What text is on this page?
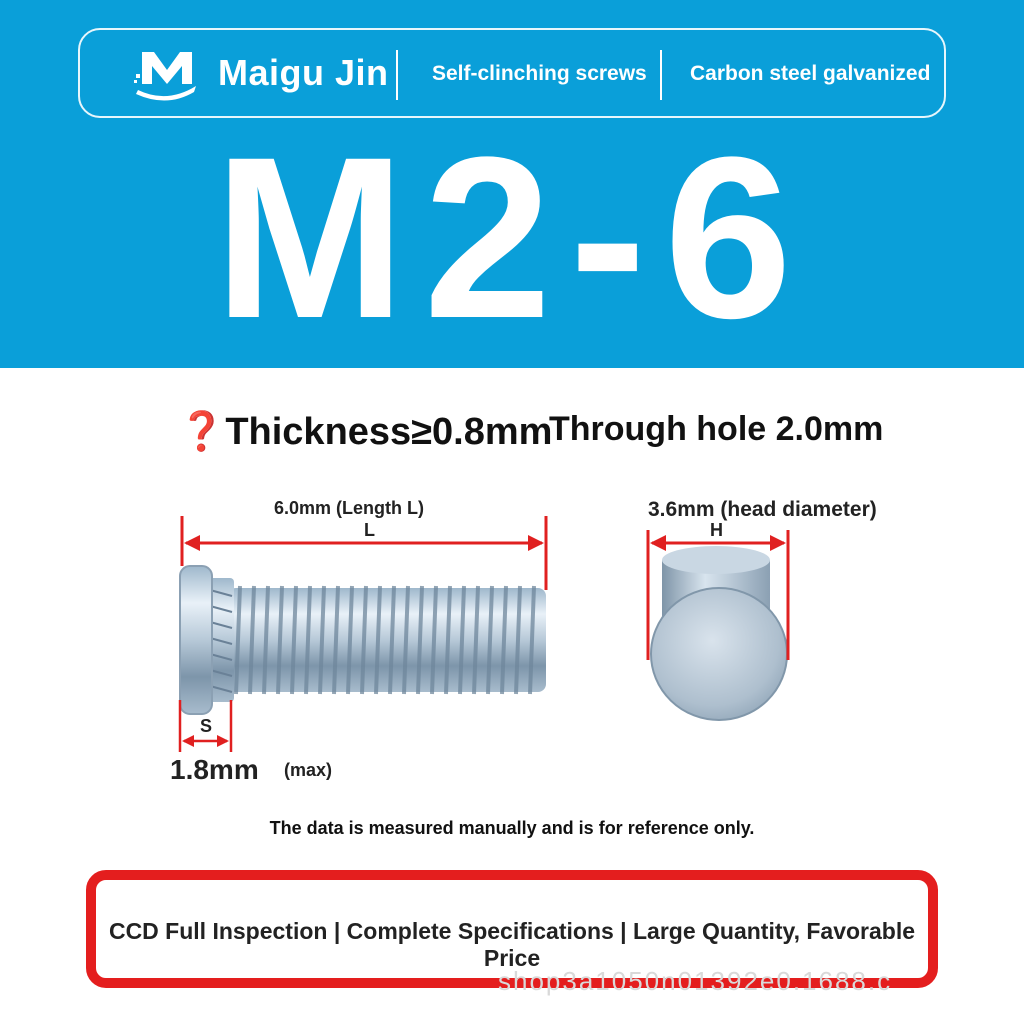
Maigu Jin Self-clinching screws Carbon steel galvanized
M2-6
❓Thickness≥0.8mm
Through hole 2.0mm
6.0mm (Length L)
L
3.6mm (head diameter)
H
S
1.8mm (max)
The data is measured manually and is for reference only.
CCD Full Inspection | Complete Specifications | Large Quantity, Favorable Price
shop3a1050n01392e0.1688.c
